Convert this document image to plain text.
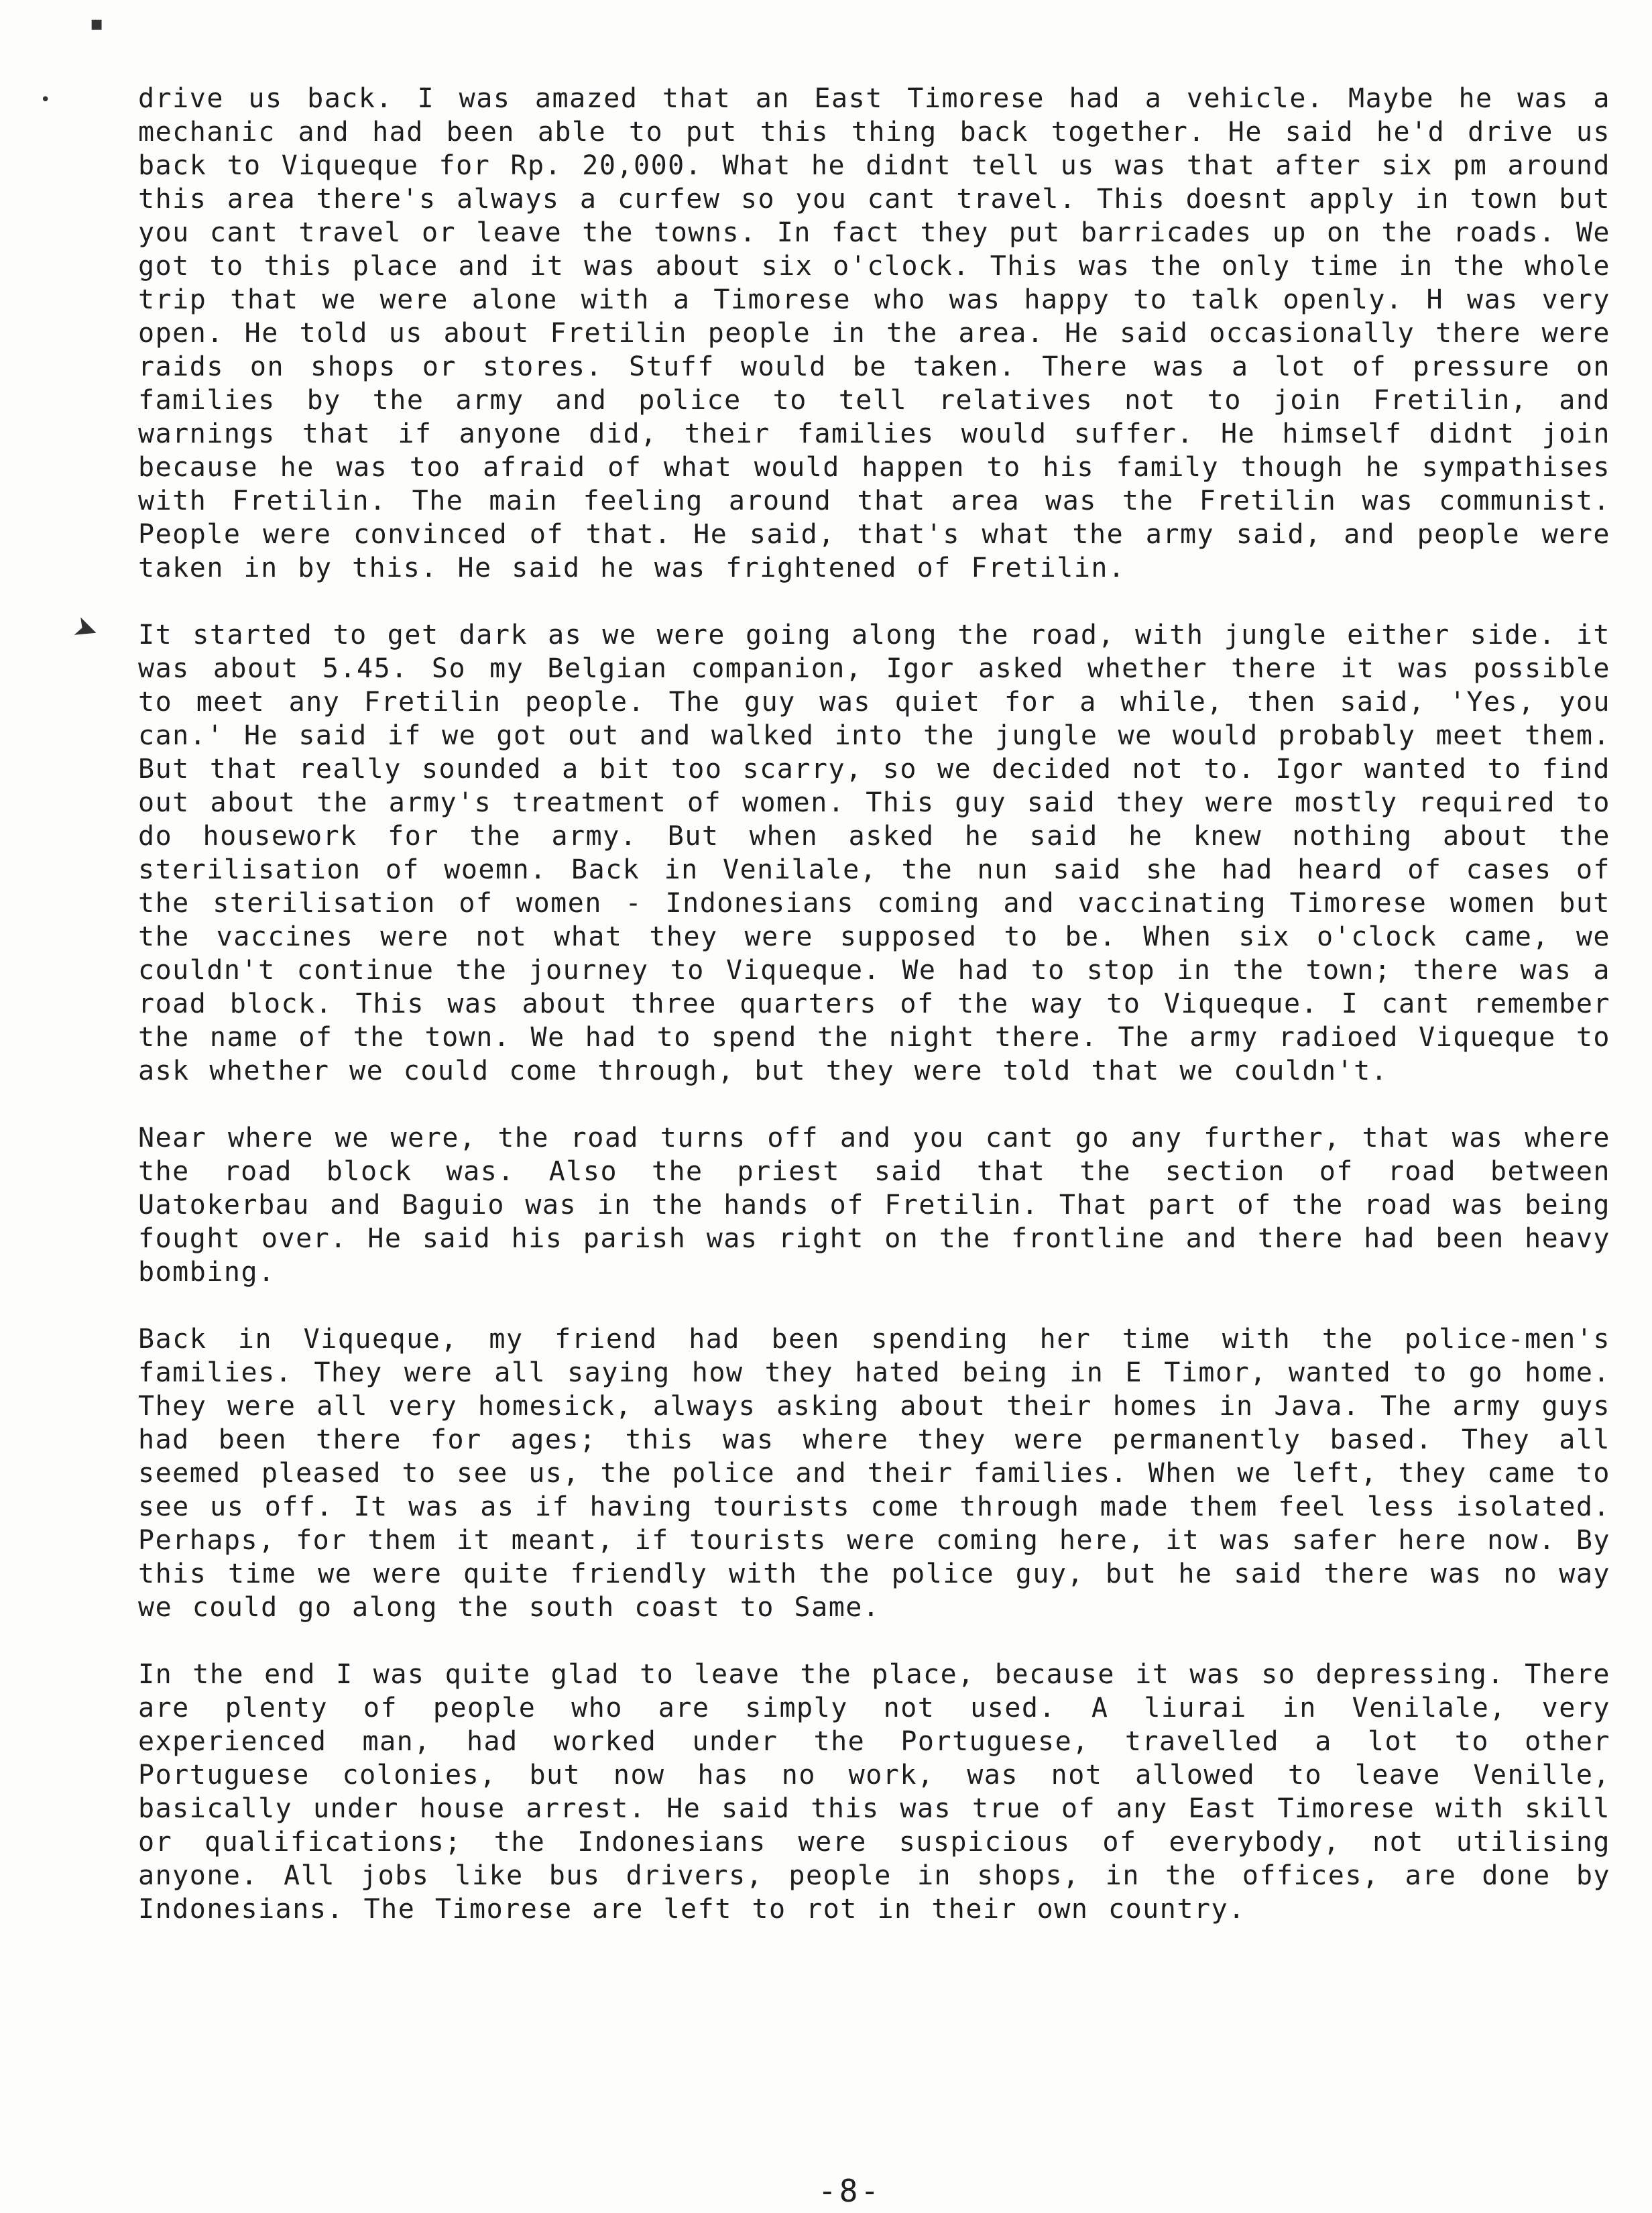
▪
•
➤

drive us back. I was amazed that an East Timorese had a vehicle. Maybe he was a mechanic and had been able to put this thing back together. He said he'd drive us back to Viqueque for Rp. 20,000. What he didnt tell us was that after six pm around this area there's always a curfew so you cant travel. This doesnt apply in town but you cant travel or leave the towns. In fact they put barricades up on the roads. We got to this place and it was about six o'clock. This was the only time in the whole trip that we were alone with a Timorese who was happy to talk openly. H was very open. He told us about Fretilin people in the area. He said occasionally there were raids on shops or stores. Stuff would be taken. There was a lot of pressure on families by the army and police to tell relatives not to join Fretilin, and warnings that if anyone did, their families would suffer. He himself didnt join because he was too afraid of what would happen to his family though he sympathises with Fretilin. The main feeling around that area was the Fretilin was communist. People were convinced of that. He said, that's what the army said, and people were taken in by this. He said he was frightened of Fretilin.

It started to get dark as we were going along the road, with jungle either side. it was about 5.45. So my Belgian companion, Igor asked whether there it was possible to meet any Fretilin people. The guy was quiet for a while, then said, 'Yes, you can.' He said if we got out and walked into the jungle we would probably meet them. But that really sounded a bit too scarry, so we decided not to. Igor wanted to find out about the army's treatment of women. This guy said they were mostly required to do housework for the army. But when asked he said he knew nothing about the sterilisation of woemn. Back in Venilale, the nun said she had heard of cases of the sterilisation of women - Indonesians coming and vaccinating Timorese women but the vaccines were not what they were supposed to be. When six o'clock came, we couldn't continue the journey to Viqueque. We had to stop in the town; there was a road block. This was about three quarters of the way to Viqueque. I cant remember the name of the town. We had to spend the night there. The army radioed Viqueque to ask whether we could come through, but they were told that we couldn't.

Near where we were, the road turns off and you cant go any further, that was where the road block was. Also the priest said that the section of road between Uatokerbau and Baguio was in the hands of Fretilin. That part of the road was being fought over. He said his parish was right on the frontline and there had been heavy bombing.

Back in Viqueque, my friend had been spending her time with the police-men's families. They were all saying how they hated being in E Timor, wanted to go home. They were all very homesick, always asking about their homes in Java. The army guys had been there for ages; this was where they were permanently based. They all seemed pleased to see us, the police and their families. When we left, they came to see us off. It was as if having tourists come through made them feel less isolated. Perhaps, for them it meant, if tourists were coming here, it was safer here now. By this time we were quite friendly with the police guy, but he said there was no way we could go along the south coast to Same.

In the end I was quite glad to leave the place, because it was so depressing. There are plenty of people who are simply not used. A liurai in Venilale, very experienced man, had worked under the Portuguese, travelled a lot to other Portuguese colonies, but now has no work, was not allowed to leave Venille, basically under house arrest. He said this was true of any East Timorese with skill or qualifications; the Indonesians were suspicious of everybody, not utilising anyone. All jobs like bus drivers, people in shops, in the offices, are done by Indonesians. The Timorese are left to rot in their own country.

-8-
